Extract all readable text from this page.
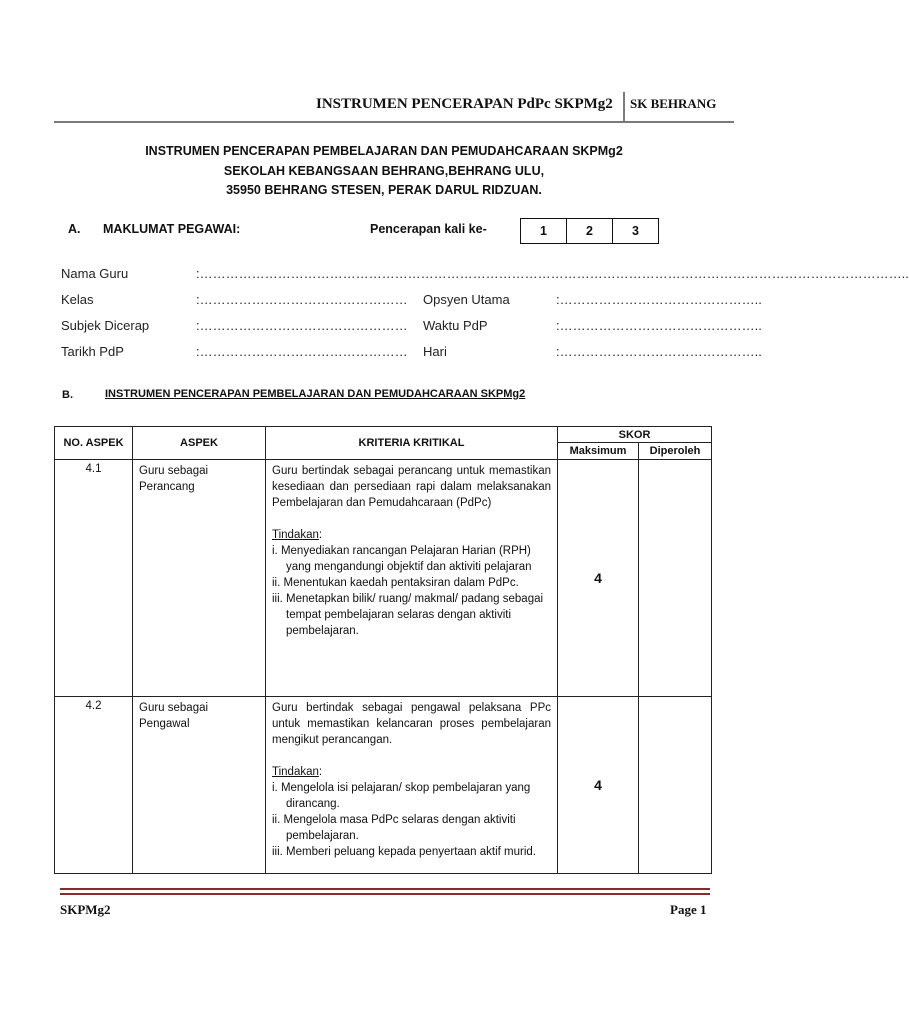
INSTRUMEN PENCERAPAN PdPc SKPMg2 SK BEHRANG
INSTRUMEN PENCERAPAN PEMBELAJARAN DAN PEMUDAHCARAAN SKPMg2
SEKOLAH KEBANGSAAN BEHRANG,BEHRANG ULU,
35950 BEHRANG STESEN, PERAK DARUL RIDZUAN.
A. MAKLUMAT PEGAWAI:	Pencerapan kali ke-	1	2	3
Nama Guru	:………………………………………………………………………………………………………………………………………………..
Kelas	:………………………………………… Opsyen Utama	:………………………………………..
Subjek Dicerap	:………………………………………… Waktu PdP	:………………………………………..
Tarikh PdP	:………………………………………… Hari	:………………………………………..
B.	INSTRUMEN PENCERAPAN PEMBELAJARAN DAN PEMUDAHCARAAN SKPMg2
NO. ASPEK	ASPEK	KRITERIA KRITIKAL	SKOR	
			Maksimum	Diperoleh
4.1	Guru sebagai Perancang	Guru bertindak sebagai perancang untuk memastikan kesediaan dan persediaan rapi dalam melaksanakan Pembelajaran dan Pemudahcaraan (PdPc)
Tindakan:
i. Menyediakan rancangan Pelajaran Harian (RPH) yang mengandungi objektif dan aktiviti pelajaran
ii. Menentukan kaedah pentaksiran dalam PdPc.
iii. Menetapkan bilik/ ruang/ makmal/ padang sebagai tempat pembelajaran selaras dengan aktiviti pembelajaran.	4	
4.2	Guru sebagai Pengawal	Guru bertindak sebagai pengawal pelaksana PPc untuk memastikan kelancaran proses pembelajaran mengikut perancangan.
Tindakan:
i. Mengelola isi pelajaran/ skop pembelajaran yang dirancang.
ii. Mengelola masa PdPc selaras dengan aktiviti pembelajaran.
iii. Memberi peluang kepada penyertaan aktif murid.	4	
SKPMg2	Page 1
